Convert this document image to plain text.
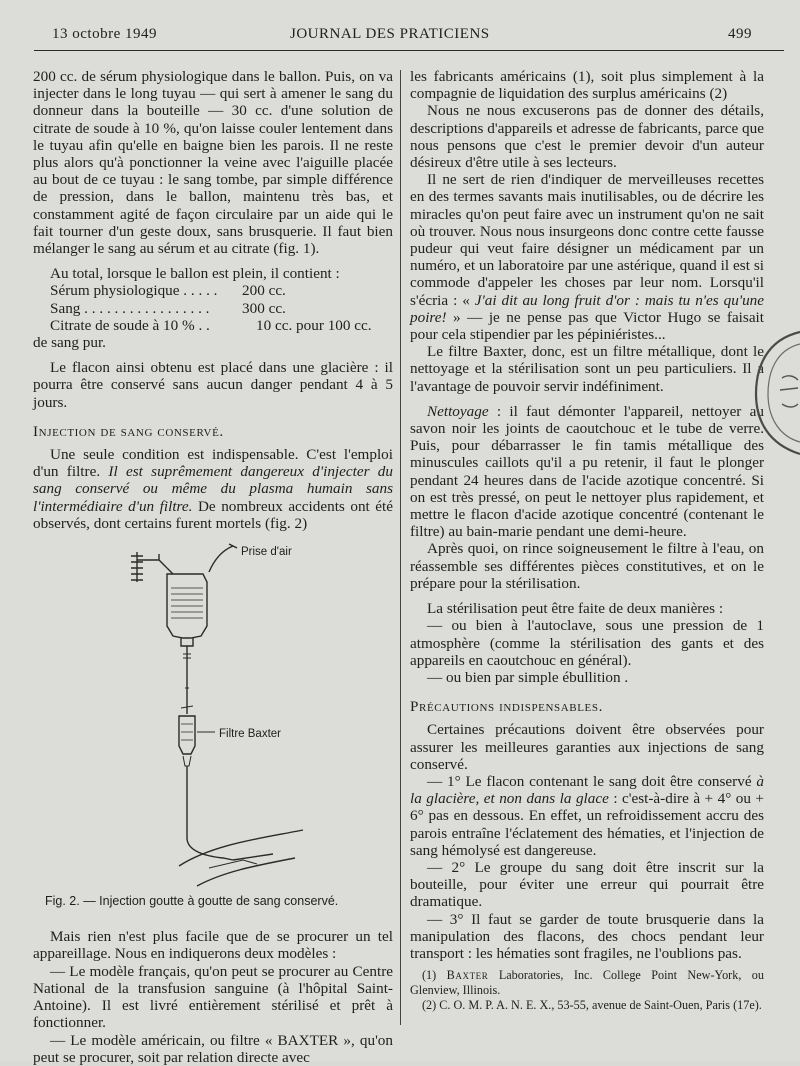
13 octobre 1949	JOURNAL DES PRATICIENS	499

200 cc. de sérum physiologique dans le ballon. Puis, on va injecter dans le long tuyau — qui sert à amener le sang du donneur dans la bouteille — 30 cc. d'une solution de citrate de soude à 10 %, qu'on laisse couler lentement dans le tuyau afin qu'elle en baigne bien les parois. Il ne reste plus alors qu'à ponctionner la veine avec l'aiguille placée au bout de ce tuyau : le sang tombe, par simple différence de pression, dans le ballon, maintenu très bas, et constamment agité de façon circulaire par un aide qui le fait tourner d'un geste doux, sans brusquerie. Il faut bien mélanger le sang au sérum et au citrate (fig. 1).

Au total, lorsque le ballon est plein, il contient :

Sérum physiologique . . . . .	200 cc.
Sang . . . . . . . . . . . . . . . . .	300 cc.
Citrate de soude à 10 % . .	10 cc. pour 100 cc.

de sang pur.

Le flacon ainsi obtenu est placé dans une glacière : il pourra être conservé sans aucun danger pendant 4 à 5 jours.

Injection de sang conservé.

Une seule condition est indispensable. C'est l'emploi d'un filtre. Il est suprêmement dangereux d'injecter du sang conservé ou même du plasma humain sans l'intermédiaire d'un filtre. De nombreux accidents ont été observés, dont certains furent mortels (fig. 2)

Prise d'air
Filtre Baxter

Fig. 2. — Injection goutte à goutte de sang conservé.

Mais rien n'est plus facile que de se procurer un tel appareillage. Nous en indiquerons deux modèles :

— Le modèle français, qu'on peut se procurer au Centre National de la transfusion sanguine (à l'hôpital Saint-Antoine). Il est livré entièrement stérilisé et prêt à fonctionner.

— Le modèle américain, ou filtre « BAXTER », qu'on peut se procurer, soit par relation directe avec

les fabricants américains (1), soit plus simplement à la compagnie de liquidation des surplus américains (2)

Nous ne nous excuserons pas de donner des détails, descriptions d'appareils et adresse de fabricants, parce que nous pensons que c'est le premier devoir d'un auteur désireux d'être utile à ses lecteurs.

Il ne sert de rien d'indiquer de merveilleuses recettes en des termes savants mais inutilisables, ou de décrire les miracles qu'on peut faire avec un instrument qu'on ne sait où trouver. Nous nous insurgeons donc contre cette fausse pudeur qui veut faire désigner un médicament par un numéro, et un laboratoire par une astérique, quand il est si commode d'appeler les choses par leur nom. Lorsqu'il s'écria : « J'ai dit au long fruit d'or : mais tu n'es qu'une poire! » — je ne pense pas que Victor Hugo se faisait pour cela stipendier par les pépiniéristes...

Le filtre Baxter, donc, est un filtre métallique, dont le nettoyage et la stérilisation sont un peu particuliers. Il a l'avantage de pouvoir servir indéfiniment.

Nettoyage : il faut démonter l'appareil, nettoyer au savon noir les joints de caoutchouc et le tube de verre. Puis, pour débarrasser le fin tamis métallique des minuscules caillots qu'il a pu retenir, il faut le plonger pendant 24 heures dans de l'acide azotique concentré. Si on est très pressé, on peut le nettoyer plus rapidement, et mettre le flacon d'acide azotique concentré (contenant le filtre) au bain-marie pendant une demi-heure.

Après quoi, on rince soigneusement le filtre à l'eau, on réassemble ses différentes pièces constitutives, et on le prépare pour la stérilisation.

La stérilisation peut être faite de deux manières :

— ou bien à l'autoclave, sous une pression de 1 atmosphère (comme la stérilisation des gants et des appareils en caoutchouc en général).

— ou bien par simple ébullition .

Précautions indispensables.

Certaines précautions doivent être observées pour assurer les meilleures garanties aux injections de sang conservé.

— 1° Le flacon contenant le sang doit être conservé à la glacière, et non dans la glace : c'est-à-dire à + 4° ou + 6° pas en dessous. En effet, un refroidissement accru des parois entraîne l'éclatement des hématies, et l'injection de sang hémolysé est dangereuse.

— 2° Le groupe du sang doit être inscrit sur la bouteille, pour éviter une erreur qui pourrait être dramatique.

— 3° Il faut se garder de toute brusquerie dans la manipulation des flacons, des chocs pendant leur transport : les hématies sont fragiles, ne l'oublions pas.

(1) Baxter Laboratories, Inc. College Point New-York, ou Glenview, Illinois.

(2) C. O. M. P. A. N. E. X., 53-55, avenue de Saint-Ouen, Paris (17e).
